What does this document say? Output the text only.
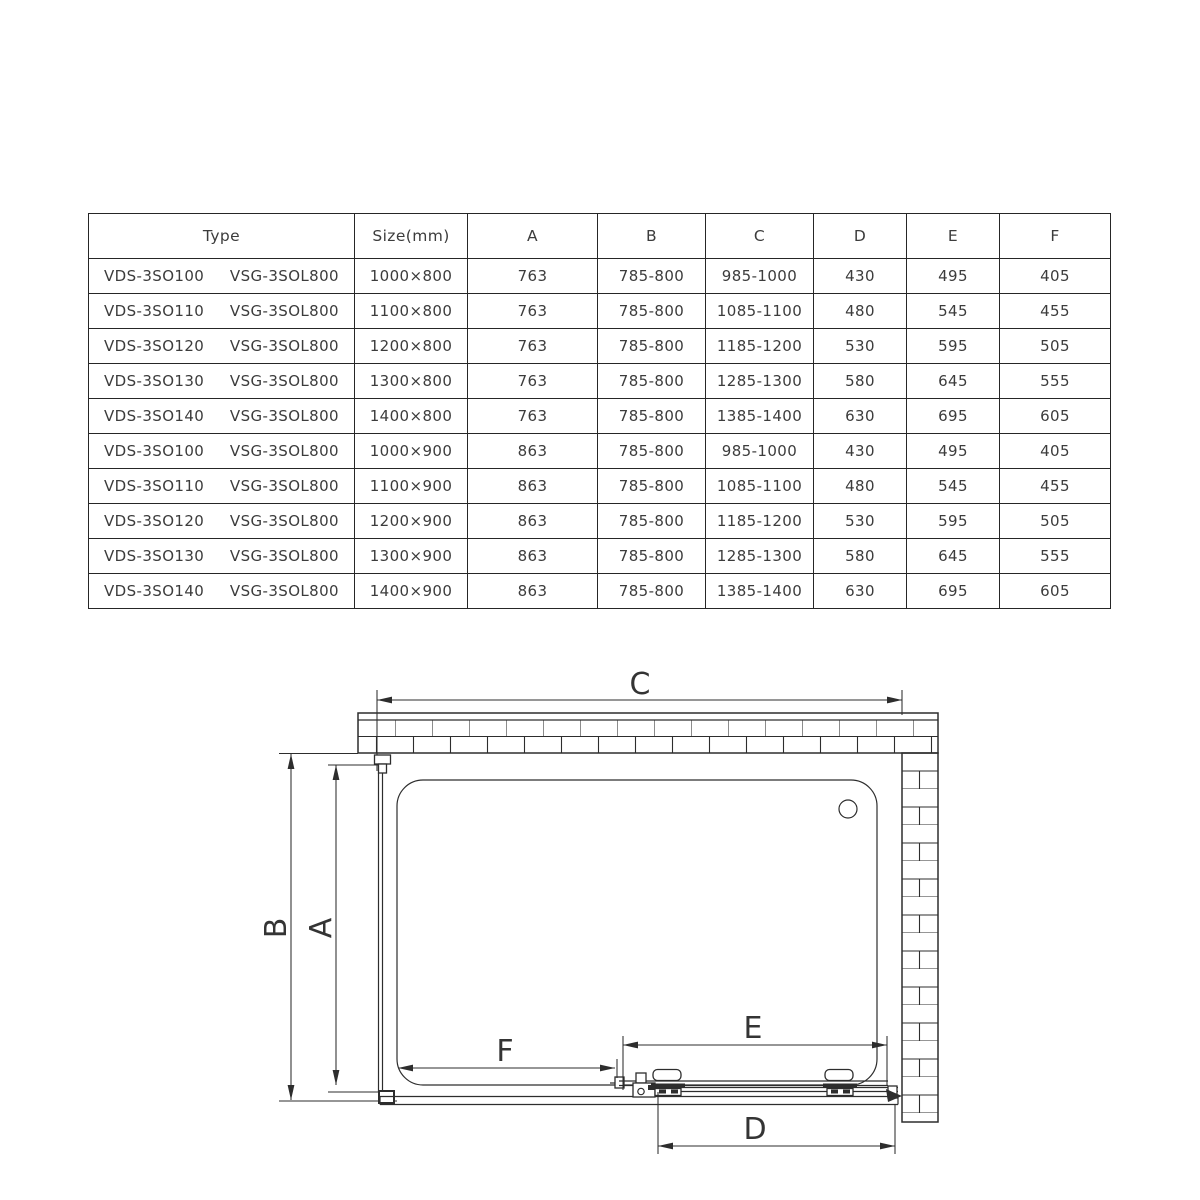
Type	Size(mm)	A	B	C	D	E	F

VDS-3SO100 VSG-3SOL800	1000×800	763	785-800	985-1000	430	495	405

VDS-3SO110 VSG-3SOL800	1100×800	763	785-800	1085-1100	480	545	455

VDS-3SO120 VSG-3SOL800	1200×800	763	785-800	1185-1200	530	595	505

VDS-3SO130 VSG-3SOL800	1300×800	763	785-800	1285-1300	580	645	555

VDS-3SO140 VSG-3SOL800	1400×800	763	785-800	1385-1400	630	695	605

VDS-3SO100 VSG-3SOL800	1000×900	863	785-800	985-1000	430	495	405

VDS-3SO110 VSG-3SOL800	1100×900	863	785-800	1085-1100	480	545	455

VDS-3SO120 VSG-3SOL800	1200×900	863	785-800	1185-1200	530	595	505

VDS-3SO130 VSG-3SOL800	1300×900	863	785-800	1285-1300	580	645	555

VDS-3SO140 VSG-3SOL800	1400×900	863	785-800	1385-1400	630	695	605
C
B A
F
E
D
